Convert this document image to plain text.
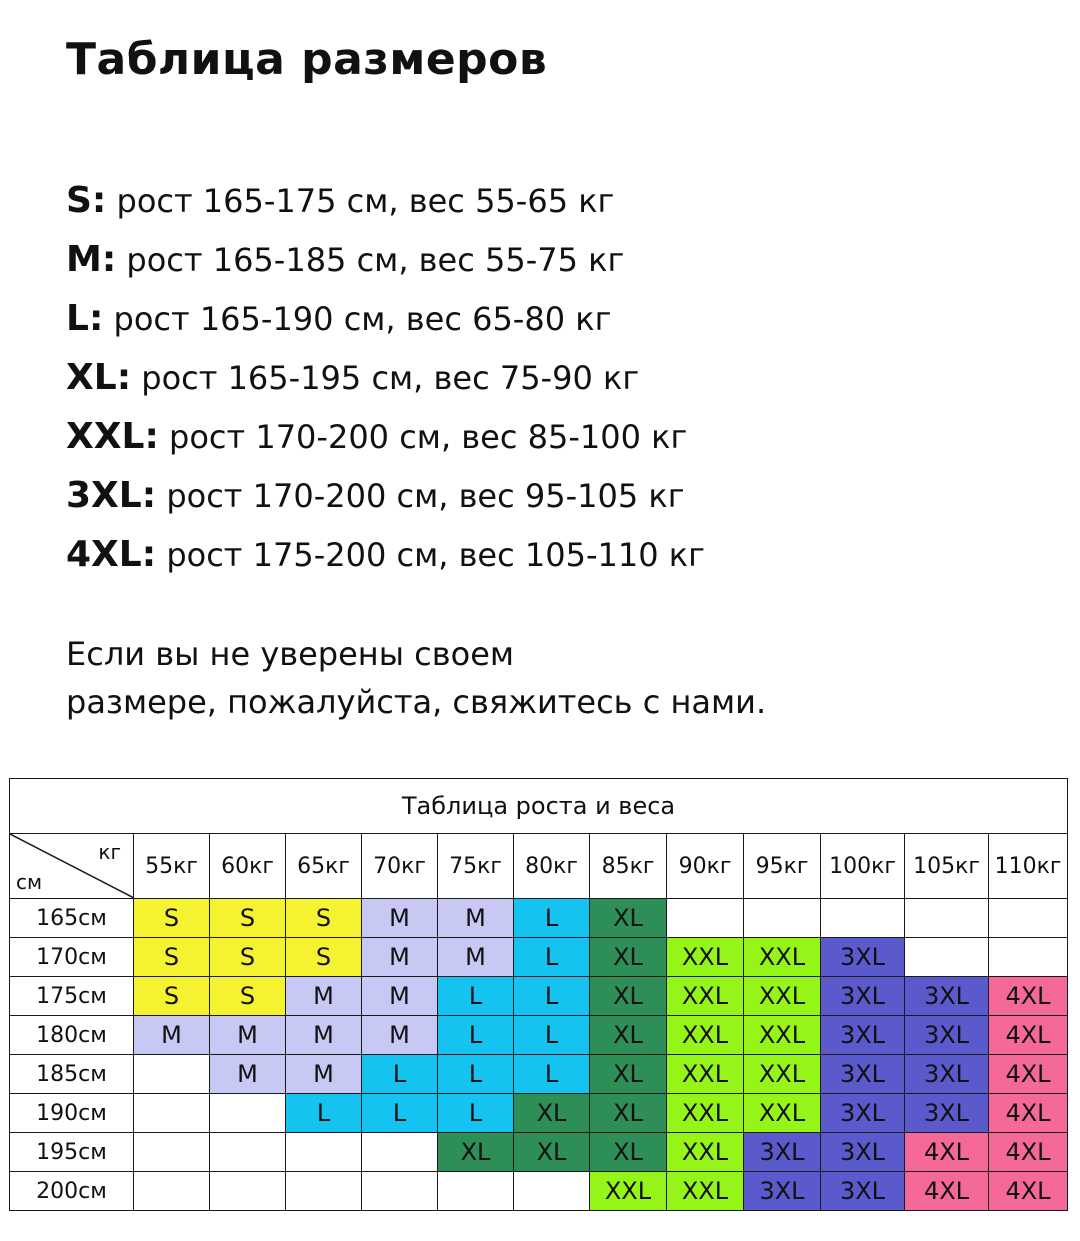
Таблица размеров
S: рост 165-175 см, вес 55-65 кг
M: рост 165-185 см, вес 55-75 кг
L: рост 165-190 см, вес 65-80 кг
XL: рост 165-195 см, вес 75-90 кг
XXL: рост 170-200 см, вес 85-100 кг
3XL: рост 170-200 см, вес 95-105 кг
4XL: рост 175-200 см, вес 105-110 кг
Если вы не уверены своем
размере, пожалуйста, свяжитесь с нами.
Таблица роста и веса												

кг
см	55кг	60кг	65кг	70кг	75кг	80кг	85кг	90кг	95кг	100кг	105кг	110кг
165см	S	S	S	M	M	L	XL					
170см	S	S	S	M	M	L	XL	XXL	XXL	3XL		
175см	S	S	M	M	L	L	XL	XXL	XXL	3XL	3XL	4XL
180см	M	M	M	M	L	L	XL	XXL	XXL	3XL	3XL	4XL
185см		M	M	L	L	L	XL	XXL	XXL	3XL	3XL	4XL
190см			L	L	L	XL	XL	XXL	XXL	3XL	3XL	4XL
195см					XL	XL	XL	XXL	3XL	3XL	4XL	4XL
200см							XXL	XXL	3XL	3XL	4XL	4XL
